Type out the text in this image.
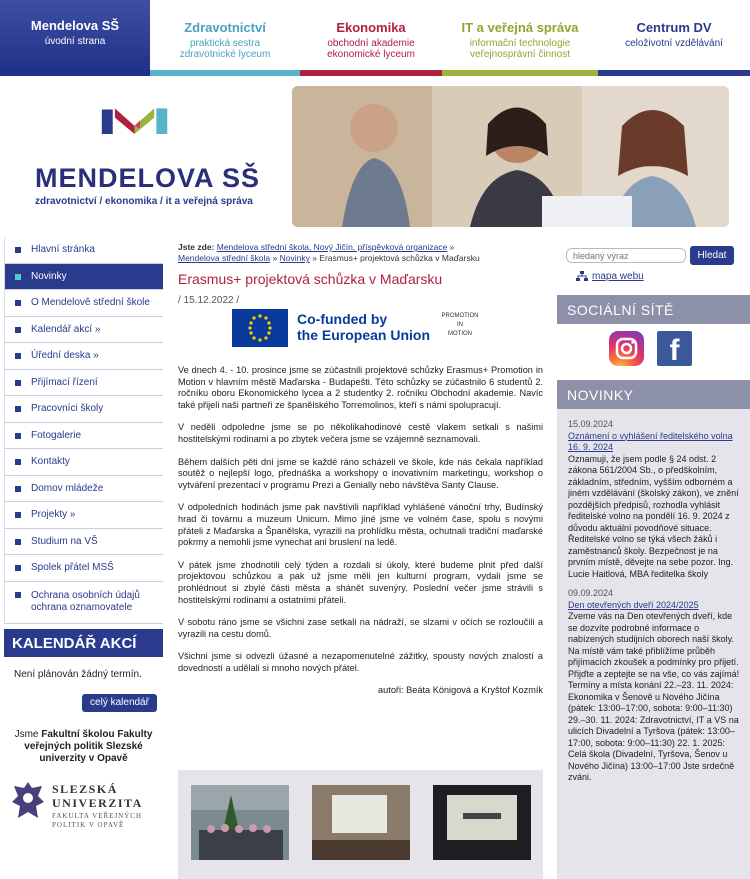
Mendelova SŠ
úvodní strana
Zdravotnictví
praktická sestra
zdravotnické lyceum
Ekonomika
obchodní akademie
ekonomické lyceum
IT a veřejná správa
informační technologie
veřejnosprávní činnost
Centrum DV
celoživotní vzdělávání
MENDELOVA SŠ
zdravotnictví / ekonomika / it a veřejná správa
Hlavní stránka
Novinky
O Mendelově střední škole
Kalendář akcí »
Úřední deska »
Přijímací řízení
Pracovníci školy
Fotogalerie
Kontakty
Domov mládeže
Projekty »
Studium na VŠ
Spolek přátel MSŠ
Ochrana osobních údajů
ochrana oznamovatele
KALENDÁŘ AKCÍ
Není plánován žádný termín.
celý kalendář
Jsme Fakultní školou Fakulty veřejných politik Slezské univerzity v Opavě
SLEZSKÁ
UNIVERZITA
FAKULTA VEŘEJNÝCH
POLITIK V OPAVĚ
Jste zde: Mendelova střední škola, Nový Jičín, příspěvková organizace »
Mendelova střední škola » Novinky » Erasmus+ projektová schůzka v Maďarsku
Erasmus+ projektová schůzka v Maďarsku
/ 15.12.2022 /
Co-funded by
the European Union
PROMOTION
IN
MOTION

Ve dnech 4. - 10. prosince jsme se zúčastnili projektové schůzky Erasmus+ Promotion in Motion v hlavním městě Maďarska - Budapešti. Této schůzky se zúčastnilo 6 studentů 2. ročníku oboru Ekonomického lycea a 2 studentky 2. ročníku Obchodní akademie. Navíc také přijeli naši partneři ze španělského Torremolinos, kteří s námi spolupracují.

V neděli odpoledne jsme se po několikahodinové cestě vlakem setkali s našimi hostitelskými rodinami a po zbytek večera jsme se vzájemně seznamovali.

Během dalších pěti dní jsme se každé ráno scházeli ve škole, kde nás čekala například soutěž o nejlepší logo, přednáška a workshopy o inovativním marketingu, workshop o vytváření prezentací v programu Prezi a Genially nebo návštěva Santy Clause.

V odpoledních hodinách jsme pak navštívili například vyhlášené vánoční trhy, Budínský hrad či továrnu a muzeum Unicum. Mimo jiné jsme ve volném čase, spolu s novými přáteli z Maďarska a Španělska, vyrazili na prohlídku města, ochutnali tradiční maďarské pokrmy a nemohli jsme vynechat ani bruslení na ledě.

V pátek jsme zhodnotili celý týden a rozdali si úkoly, které budeme plnit před další projektovou schůzkou a pak už jsme měli jen kulturní program, vydali jsme se prohlédnout si zbylé části města a shánět suvenýry. Poslední večer jsme strávili s hostitelskými rodinami a ostatními přáteli.

V sobotu ráno jsme se všichni zase setkali na nádraží, se slzami v očích se rozloučili a vyrazili na cestu domů.

Všichni jsme si odvezli úžasné a nezapomenutelné zážitky, spousty nových znalostí a dovedností a udělali si mnoho nových přátel.

autoři: Beáta Königová a Kryštof Kozmík

hledaný výraz
Hledat
mapa webu
SOCIÁLNÍ SÍTĚ
f
NOVINKY
15.09.2024
Oznámení o vyhlášení ředitelského volna 16. 9. 2024
Oznamuji, že jsem podle § 24 odst. 2 zákona 561/2004 Sb., o předškolním, základním, středním, vyšším odborném a jiném vzdělávání (školský zákon), ve znění pozdějších předpisů, rozhodla vyhlásit ředitelské volno na pondělí 16. 9. 2024 z důvodu aktuální povodňové situace. Ředitelské volno se týká všech žáků i zaměstnanců školy. Bezpečnost je na prvním místě, děvejte na sebe pozor. Ing. Lucie Haitlová, MBA ředitelka školy
09.09.2024
Den otevřených dveří 2024/2025
Zveme vás na Den otevřených dveří, kde se dozvíte podrobné informace o nabízených studijních oborech naší školy. Na místě vám také přiblížíme průběh přijímacích zkoušek a podmínky pro přijetí. Přijďte a zeptejte se na vše, co vás zajímá! Termíny a místa konání 22.–23. 11. 2024: Ekonomika v Šenově u Nového Jičína (pátek: 13:00–17:00, sobota: 9:00–11:30) 29.–30. 11. 2024: Zdravotnictví, IT a VS na ulicích Divadelní a Tyršova (pátek: 13:00–17:00, sobota: 9:00–11:30) 22. 1. 2025: Celá škola (Divadelní, Tyršova, Šenov u Nového Jičína) 13:00–17:00 Jste srdečně zváni.
